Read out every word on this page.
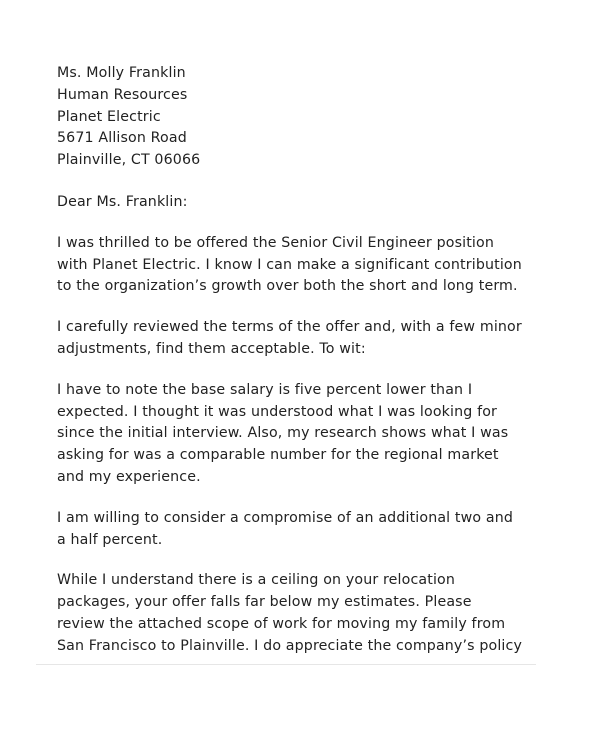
Ms. Molly Franklin
Human Resources
Planet Electric
5671 Allison Road
Plainville, CT 06066
Dear Ms. Franklin:
I was thrilled to be offered the Senior Civil Engineer position
with Planet Electric. I know I can make a significant contribution
to the organization’s growth over both the short and long term.
I carefully reviewed the terms of the offer and, with a few minor
adjustments, find them acceptable. To wit:
I have to note the base salary is five percent lower than I
expected. I thought it was understood what I was looking for
since the initial interview. Also, my research shows what I was
asking for was a comparable number for the regional market
and my experience.
I am willing to consider a compromise of an additional two and
a half percent.
While I understand there is a ceiling on your relocation
packages, your offer falls far below my estimates. Please
review the attached scope of work for moving my family from
San Francisco to Plainville. I do appreciate the company’s policy
